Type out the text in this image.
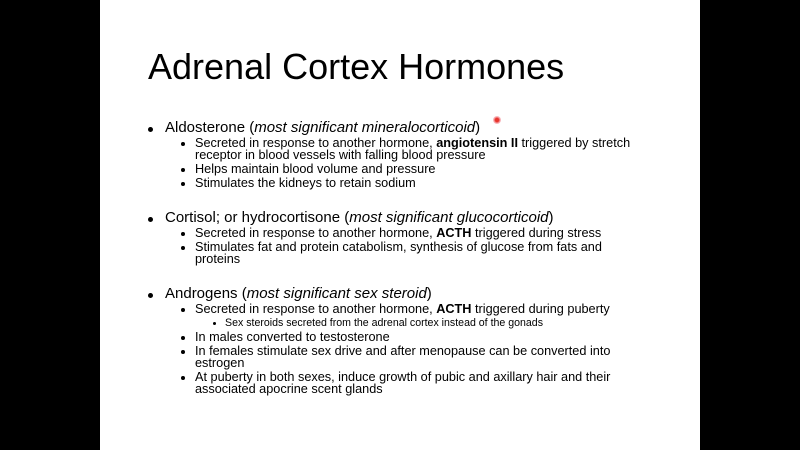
Adrenal Cortex Hormones
Aldosterone (most significant mineralocorticoid)
Secreted in response to another hormone, angiotensin II triggered by stretch
receptor in blood vessels with falling blood pressure
Helps maintain blood volume and pressure
Stimulates the kidneys to retain sodium
Cortisol; or hydrocortisone (most significant glucocorticoid)
Secreted in response to another hormone, ACTH triggered during stress
Stimulates fat and protein catabolism, synthesis of glucose from fats and
proteins
Androgens (most significant sex steroid)
Secreted in response to another hormone, ACTH triggered during puberty
Sex steroids secreted from the adrenal cortex instead of the gonads
In males converted to testosterone
In females stimulate sex drive and after menopause can be converted into
estrogen
At puberty in both sexes, induce growth of pubic and axillary hair and their
associated apocrine scent glands
